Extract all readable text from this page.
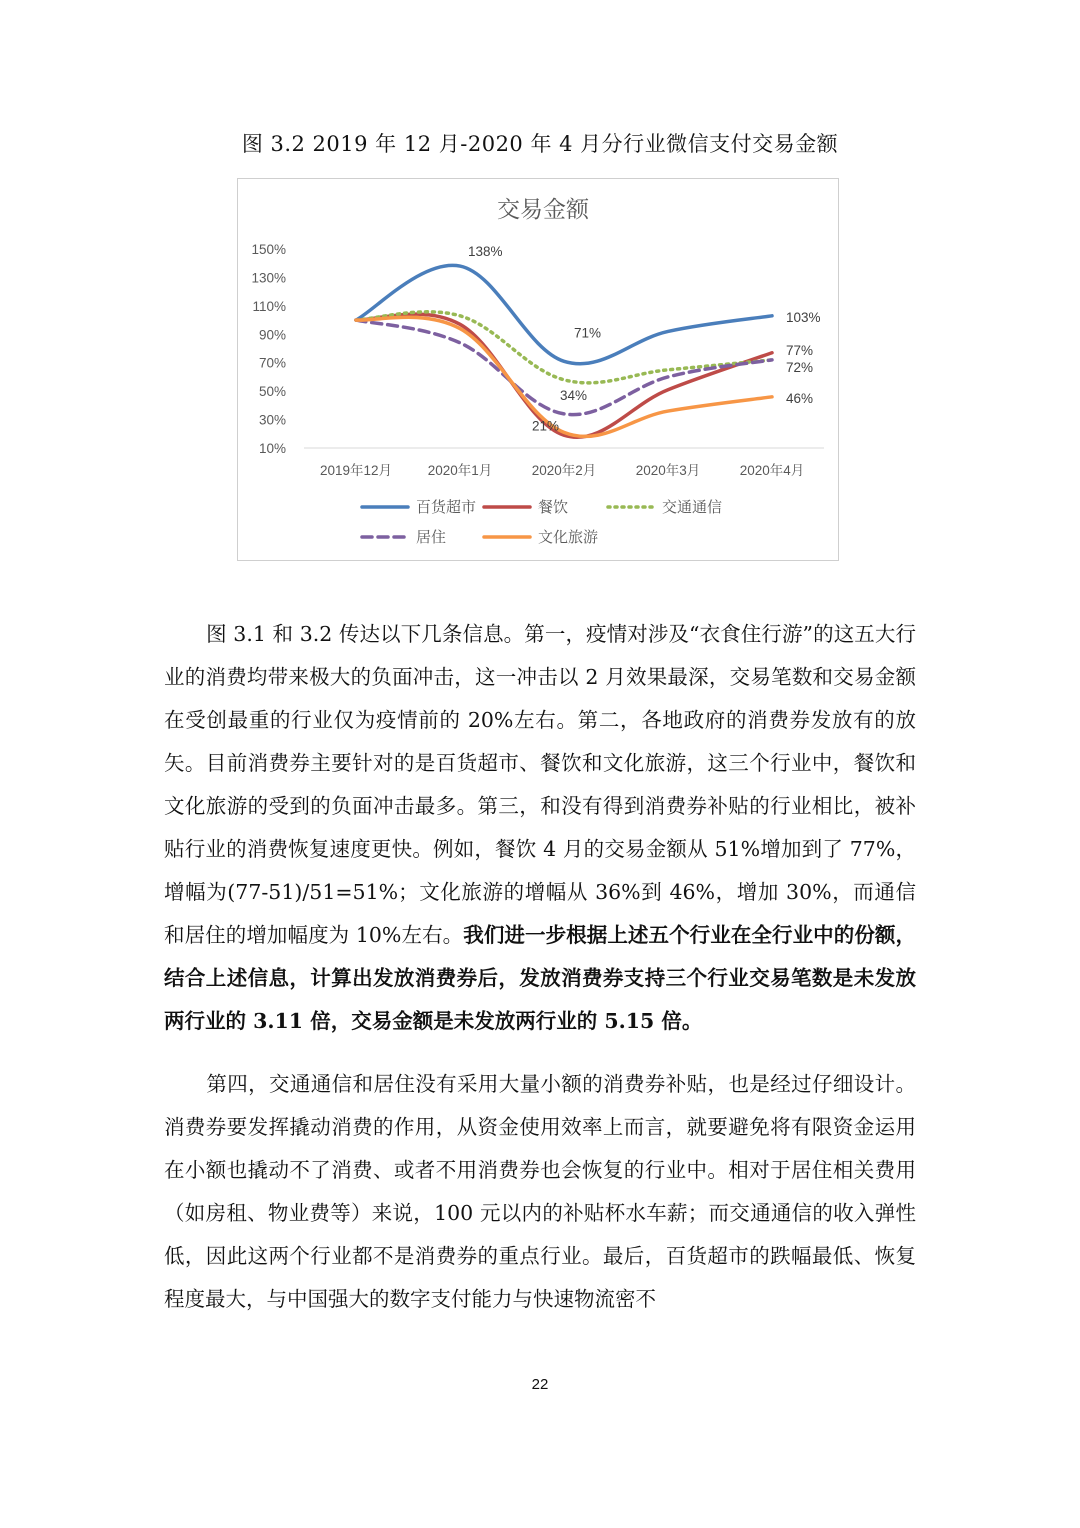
图 3.2 2019 年 12 月-2020 年 4 月分行业微信支付交易金额
交易金额
150%
130%
110%
90%
70%
50%
30%
10%
2019年12月	2020年1月	2020年2月	2020年3月	2020年4月
138%
71%
103%
77%
72%
34%
21%
46%
百货超市	餐饮	交通通信
居住	文化旅游

图 3.1 和 3.2 传达以下几条信息。第一，疫情对涉及“衣食住行游”的这五大行业的消费均带来极大的负面冲击，这一冲击以 2 月效果最深，交易笔数和交易金额在受创最重的行业仅为疫情前的 20%左右。第二，各地政府的消费券发放有的放矢。目前消费券主要针对的是百货超市、餐饮和文化旅游，这三个行业中，餐饮和文化旅游的受到的负面冲击最多。第三，和没有得到消费券补贴的行业相比，被补贴行业的消费恢复速度更快。例如，餐饮 4 月的交易金额从 51%增加到了 77%，增幅为(77-51)/51=51%；文化旅游的增幅从 36%到 46%，增加 30%，而通信和居住的增加幅度为 10%左右。我们进一步根据上述五个行业在全行业中的份额，结合上述信息，计算出发放消费券后，发放消费券支持三个行业交易笔数是未发放两行业的 3.11 倍，交易金额是未发放两行业的 5.15 倍。

第四，交通通信和居住没有采用大量小额的消费券补贴，也是经过仔细设计。消费券要发挥撬动消费的作用，从资金使用效率上而言，就要避免将有限资金运用在小额也撬动不了消费、或者不用消费券也会恢复的行业中。相对于居住相关费用（如房租、物业费等）来说，100 元以内的补贴杯水车薪；而交通通信的收入弹性低，因此这两个行业都不是消费券的重点行业。最后，百货超市的跌幅最低、恢复程度最大，与中国强大的数字支付能力与快速物流密不

22
